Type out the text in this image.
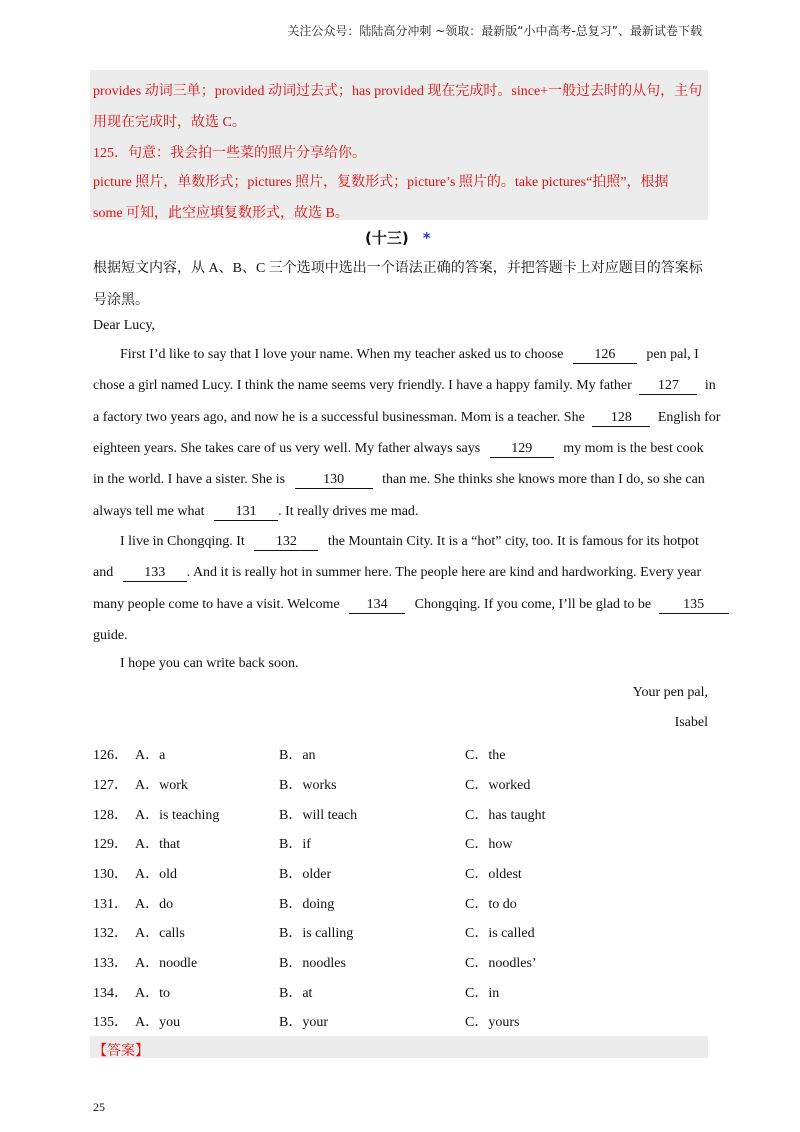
关注公众号：陆陆高分冲刺 ~领取：最新版“小中高考-总复习”、最新试卷下载
provides 动词三单；provided 动词过去式；has provided 现在完成时。since+一般过去时的从句，主句
用现在完成时，故选 C。
125．句意：我会拍一些菜的照片分享给你。
picture 照片，单数形式；pictures 照片，复数形式；picture’s 照片的。take pictures“拍照”，根据
some 可知，此空应填复数形式，故选 B。
(十三) *
根据短文内容，从 A、B、C 三个选项中选出一个语法正确的答案，并把答题卡上对应题目的答案标
号涂黑。
Dear Lucy,
First I’d like to say that I love your name. When my teacher asked us to choose 126 pen pal, I
chose a girl named Lucy. I think the name seems very friendly. I have a happy family. My father 127 in
a factory two years ago, and now he is a successful businessman. Mom is a teacher. She 128 English for
eighteen years. She takes care of us very well. My father always says 129 my mom is the best cook
in the world. I have a sister. She is	130	than me. She thinks she knows more than I do, so she can
always tell me what 131 . It really drives me mad.
I live in Chongqing. It 132 the Mountain City. It is a “hot” city, too. It is famous for its hotpot
and 133 . And it is really hot in summer here. The people here are kind and hardworking. Every year
many people come to have a visit. Welcome 134 Chongqing. If you come, I’ll be glad to be 135
guide.
I hope you can write back soon.
Your pen pal,
Isabel
126． A．a	B．an	C．the
127． A．work	B．works	C．worked
128． A．is teaching	B．will teach	C．has taught
129． A．that	B．if	C．how
130． A．old	B．older	C．oldest
131． A．do	B．doing	C．to do
132． A．calls	B．is calling	C．is called
133． A．noodle	B．noodles	C．noodles’
134． A．to	B．at	C．in
135． A．you	B．your	C．yours
【答案】
25
